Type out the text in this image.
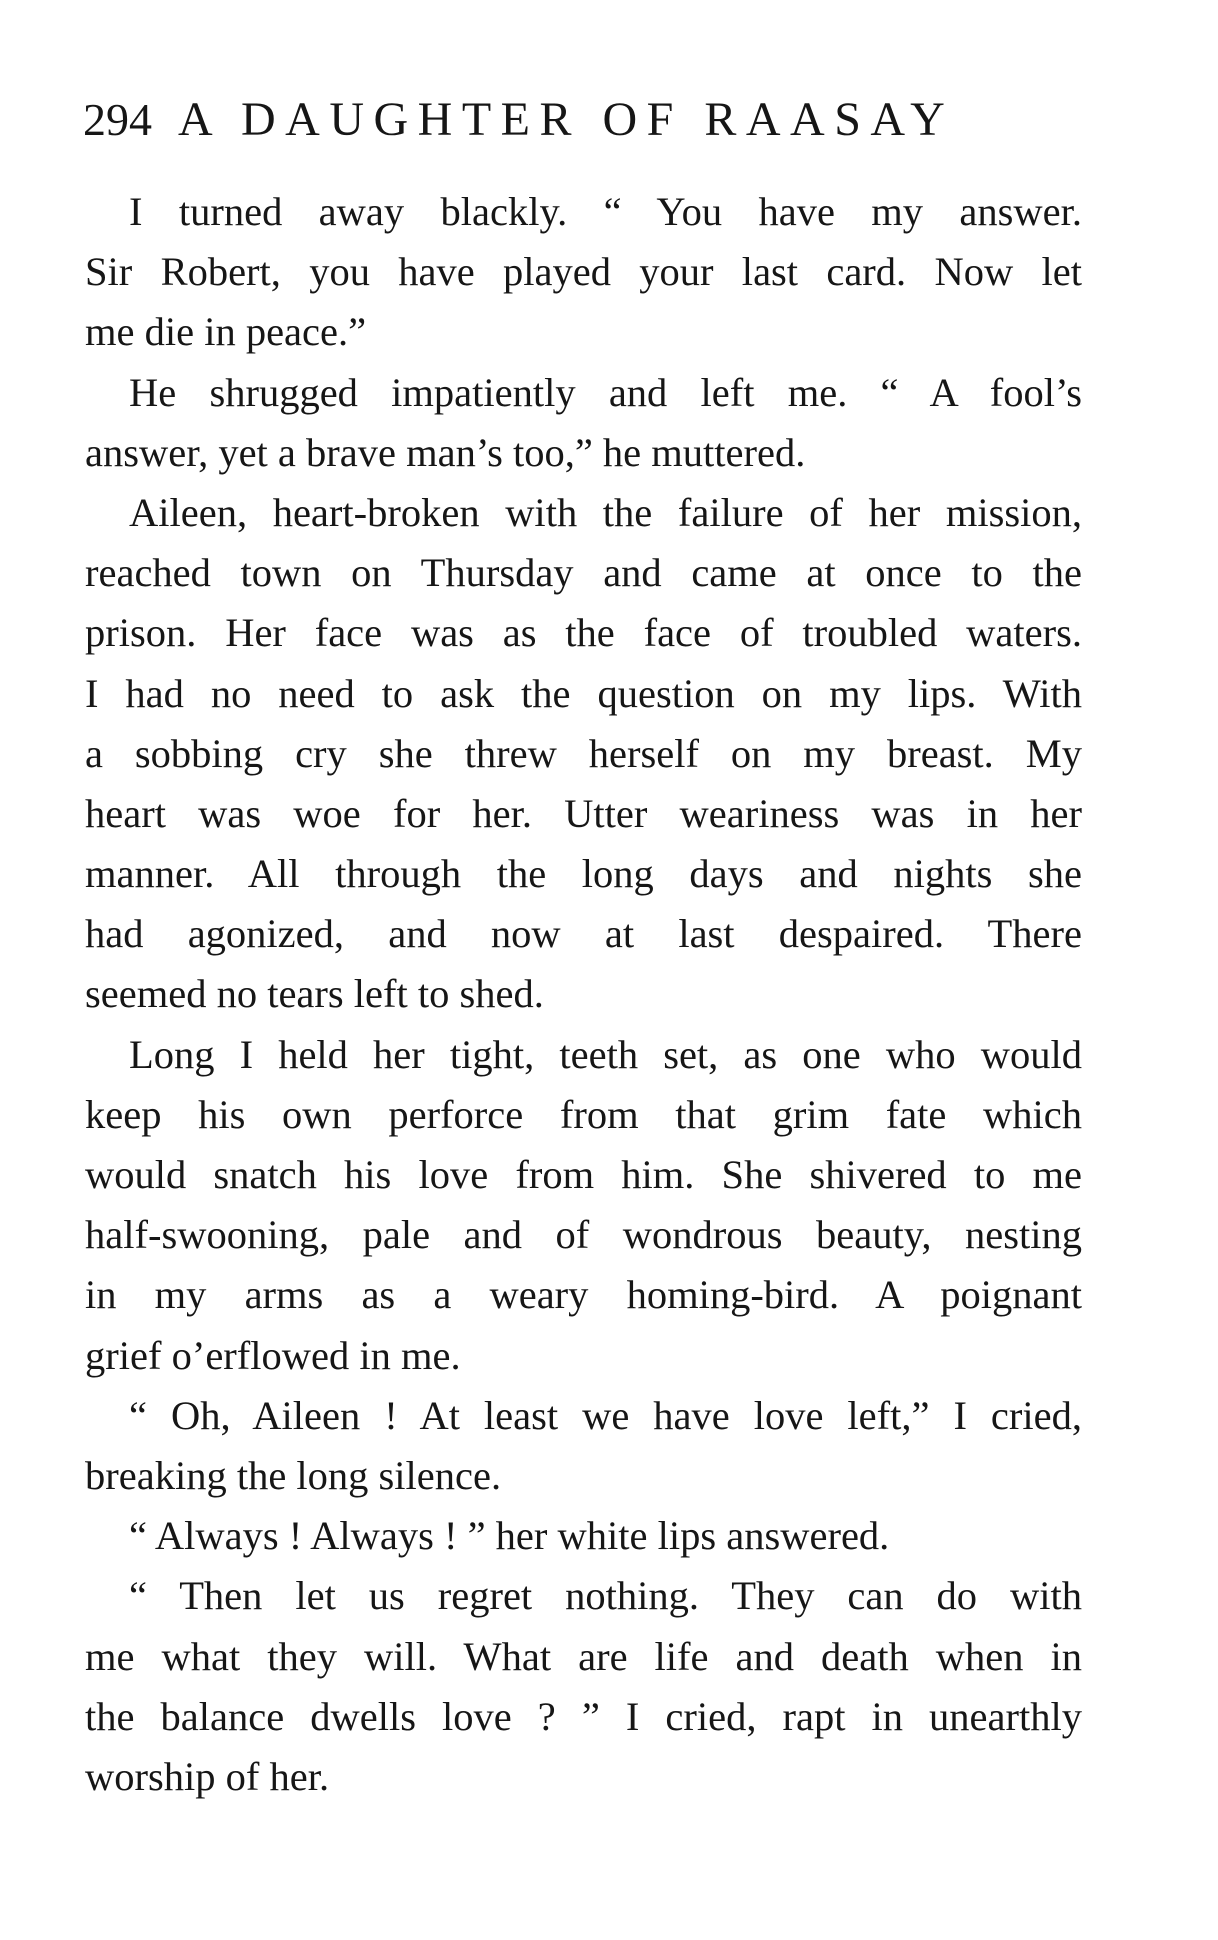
294 A DAUGHTER OF RAASAY
I turned away blackly. “ You have my answer.
Sir Robert, you have played your last card. Now let
me die in peace.”
He shrugged impatiently and left me. “ A fool’s
answer, yet a brave man’s too,” he muttered.
Aileen, heart-broken with the failure of her mission,
reached town on Thursday and came at once to the
prison. Her face was as the face of troubled waters.
I had no need to ask the question on my lips. With
a sobbing cry she threw herself on my breast. My
heart was woe for her. Utter weariness was in her
manner. All through the long days and nights she
had agonized, and now at last despaired. There
seemed no tears left to shed.
Long I held her tight, teeth set, as one who would
keep his own perforce from that grim fate which
would snatch his love from him. She shivered to me
half-swooning, pale and of wondrous beauty, nesting
in my arms as a weary homing-bird. A poignant
grief o’erflowed in me.
“ Oh, Aileen ! At least we have love left,” I cried,
breaking the long silence.
“ Always ! Always ! ” her white lips answered.
“ Then let us regret nothing. They can do with
me what they will. What are life and death when in
the balance dwells love ? ” I cried, rapt in unearthly
worship of her.
